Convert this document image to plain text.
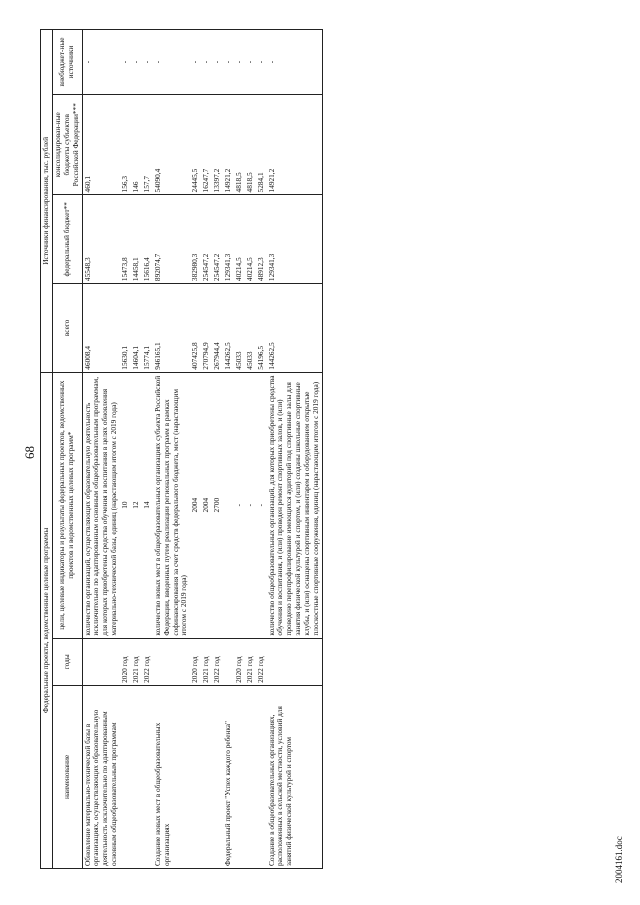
68
Федеральные проекты, ведомственные целевые программы			Источники финансирования, тыс. рублей			
наименование	годы	цели, целевые индикаторы и результаты федеральных проектов, ведомственных проектов и ведомственных целевых программ*	всего	федеральный бюджет**	консолидирован-ные бюджеты субъектов Российской Федерации***	внебюджет-ные источники
Обновление материально-технической базы в организациях, осуществляющих образовательную деятельность исключительно по адаптированным основным общеобразовательным программам		количество организаций, осуществляющих образовательную деятельность исключительно по адаптированным основным общеобразовательным программам, для которых приобретены средства обучения и воспитания в целях обновления материально-технической базы, единиц (нарастающим итогом с 2019 года)	46008,4	45548,3	460,1	-
	2020 год	10	15630,1	15473,8	156,3	-
	2021 год	12	14604,1	14458,1	146	-
	2022 год	14	15774,1	15616,4	157,7	-
Создание новых мест в общеобразовательных организациях		количество новых мест в общеобразовательных организациях субъекта Российской Федерации, введенных путем реализации региональных программ в рамках софинансирования за счет средств федерального бюджета, мест (нарастающим итогом с 2019 года)	946165,1	892074,7	54090,4	-
	2020 год	2004	407425,8	382980,3	24445,5	-
	2021 год	2004	270794,9	254547,2	16247,7	-
	2022 год	2700	267944,4	254547,2	13397,2	-
Федеральный проект "Успех каждого ребенка"			144262,5	129341,3	14921,2	-
	2020 год	-	45033	40214,5	4818,5	-
	2021 год	-	45033	40214,5	4818,5	-
	2022 год	-	54196,5	48912,3	5284,1	-
Создание в общеобразовательных организациях, расположенных в сельской местности, условий для занятий физической культурой и спортом		количество общеобразовательных организаций, для которых приобретены средства обучения и воспитания, и (или) проведен ремонт спортивных залов, и (или) проведено перепрофилирование имеющихся аудиторий под спортивные залы для занятия физической культурой и спортом, и (или) созданы школьные спортивные клубы, и (или) оснащены спортивным инвентарем и оборудованием открытые плоскостные спортивные сооружения, единиц (нарастающим итогом с 2019 года)	144262,5	129341,3	14921,2	-
2004161.doc
